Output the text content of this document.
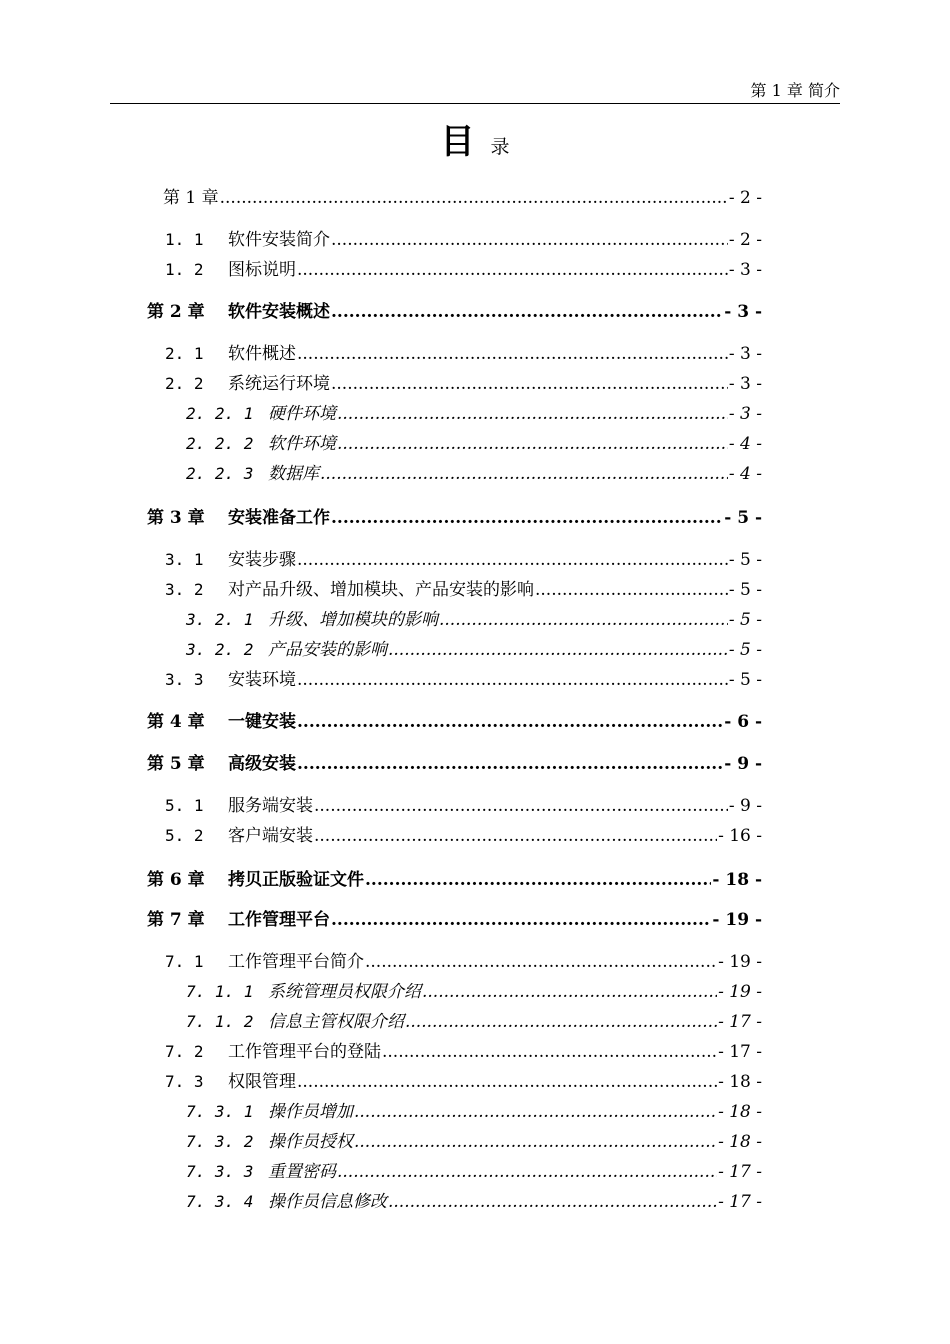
第 1 章 简介
目录
第 1 章 .....	- 2 -
1. 1	软件安装简介 .....	- 2 -
1. 2	图标说明 .....	- 3 -
第 2 章	软件安装概述 .....	- 3 -
2. 1	软件概述 .....	- 3 -
2. 2	系统运行环境 .....	- 3 -
2. 2. 1 硬件环境 .....	- 3 -
2. 2. 2 软件环境 .....	- 4 -
2. 2. 3 数据库 .....	- 4 -
第 3 章	安装准备工作 .....	- 5 -
3. 1	安装步骤 .....	- 5 -
3. 2	对产品升级、增加模块、产品安装的影响 .....	- 5 -
3. 2. 1 升级、增加模块的影响 .....	- 5 -
3. 2. 2 产品安装的影响 .....	- 5 -
3. 3	安装环境 .....	- 5 -
第 4 章	一键安装 .....	- 6 -
第 5 章	高级安装 .....	- 9 -
5. 1	服务端安装 .....	- 9 -
5. 2	客户端安装 .....	- 16 -
第 6 章	拷贝正版验证文件 .....	- 18 -
第 7 章	工作管理平台 .....	- 19 -
7. 1	工作管理平台简介 .....	- 19 -
7. 1. 1 系统管理员权限介绍 .....	- 19 -
7. 1. 2 信息主管权限介绍 .....	- 17 -
7. 2	工作管理平台的登陆 .....	- 17 -
7. 3	权限管理 .....	- 18 -
7. 3. 1 操作员增加 .....	- 18 -
7. 3. 2 操作员授权 .....	- 18 -
7. 3. 3 重置密码 .....	- 17 -
7. 3. 4 操作员信息修改 .....	- 17 -
